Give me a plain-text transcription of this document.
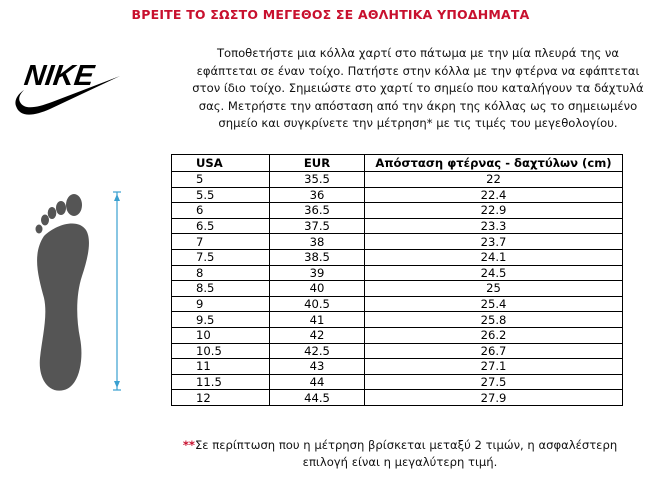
ΒΡΕΙΤΕ ΤΟ ΣΩΣΤΟ ΜΕΓΕΘΟΣ ΣΕ ΑΘΛΗΤΙΚΑ ΥΠΟΔΗΜΑΤΑ
NIKE
Τοποθετήστε μια κόλλα χαρτί στο πάτωμα με την μία πλευρά της να
εφάπτεται σε έναν τοίχο. Πατήστε στην κόλλα με την φτέρνα να εφάπτεται
στον ίδιο τοίχο. Σημειώστε στο χαρτί το σημείο που καταλήγουν τα δάχτυλά
σας. Μετρήστε την απόσταση από την άκρη της κόλλας ως το σημειωμένο
σημείο και συγκρίνετε την μέτρηση* με τις τιμές του μεγεθολογίου.
USA	EUR	Απόσταση φτέρνας - δαχτύλων (cm)
5	35.5	22
5.5	36	22.4
6	36.5	22.9
6.5	37.5	23.3
7	38	23.7
7.5	38.5	24.1
8	39	24.5
8.5	40	25
9	40.5	25.4
9.5	41	25.8
10	42	26.2
10.5	42.5	26.7
11	43	27.1
11.5	44	27.5
12	44.5	27.9
**Σε περίπτωση που η μέτρηση βρίσκεται μεταξύ 2 τιμών, η ασφαλέστερη
επιλογή είναι η μεγαλύτερη τιμή.
